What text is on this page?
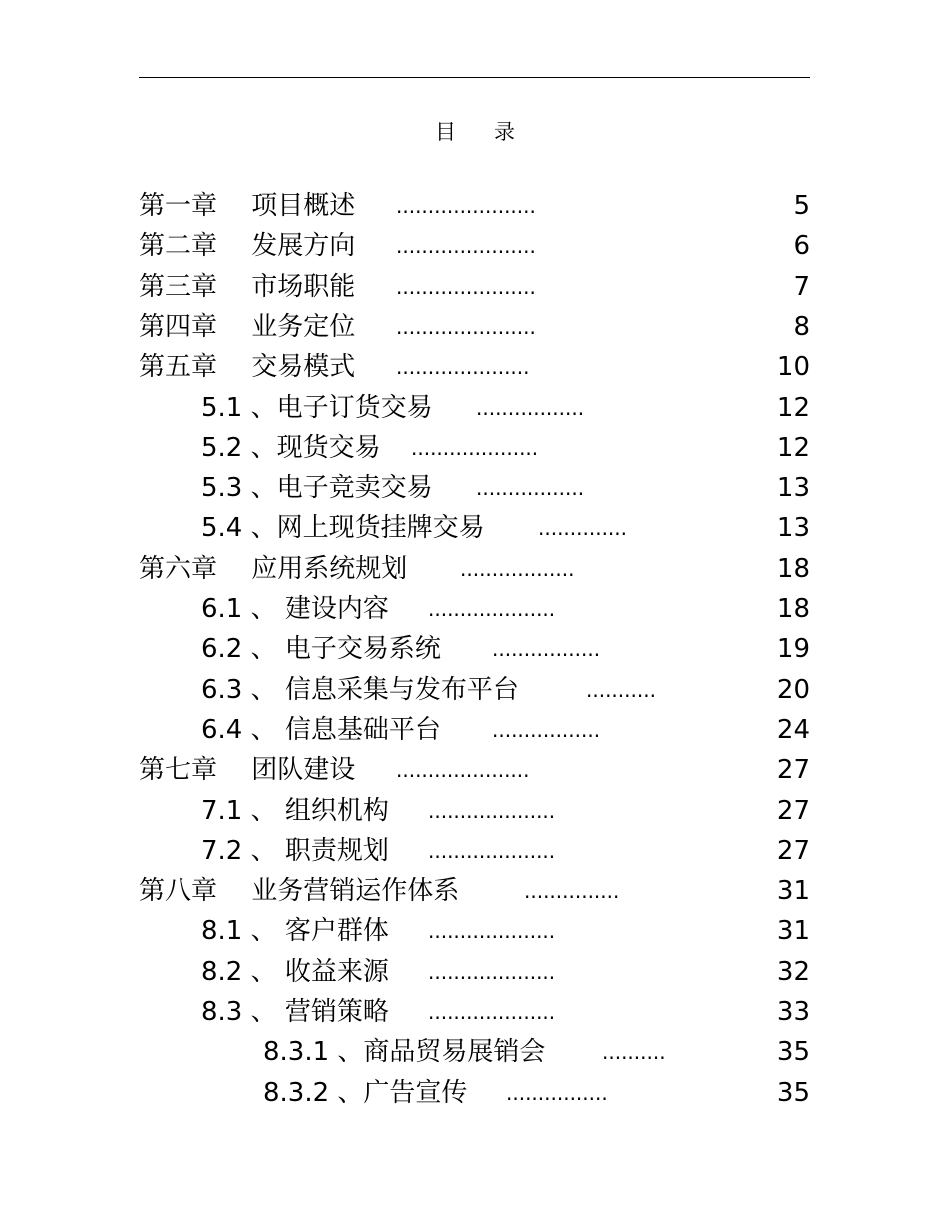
目 录
第一章  项目概述 ......................	5
第二章  发展方向 ......................	6
第三章  市场职能 ......................	7
第四章  业务定位 ......................	8
第五章  交易模式 .....................	10
5.1 、电子订货交易 .................	12
5.2 、现货交易 ....................	12
5.3 、电子竞卖交易 .................	13
5.4 、网上现货挂牌交易	..............	13
第六章  应用系统规划	..................	18
6.1 、 建设内容 ....................	18
6.2 、 电子交易系统	.................	19
6.3 、 信息采集与发布平台	...........	20
6.4 、 信息基础平台	.................	24
第七章  团队建设 .....................	27
7.1 、 组织机构 ....................	27
7.2 、 职责规划 ....................	27
第八章  业务营销运作体系	...............	31
8.1 、 客户群体 ....................	31
8.2 、 收益来源 ....................	32
8.3 、 营销策略 ....................	33
8.3.1 、商品贸易展销会	..........	35
8.3.2 、广告宣传 ................	35
